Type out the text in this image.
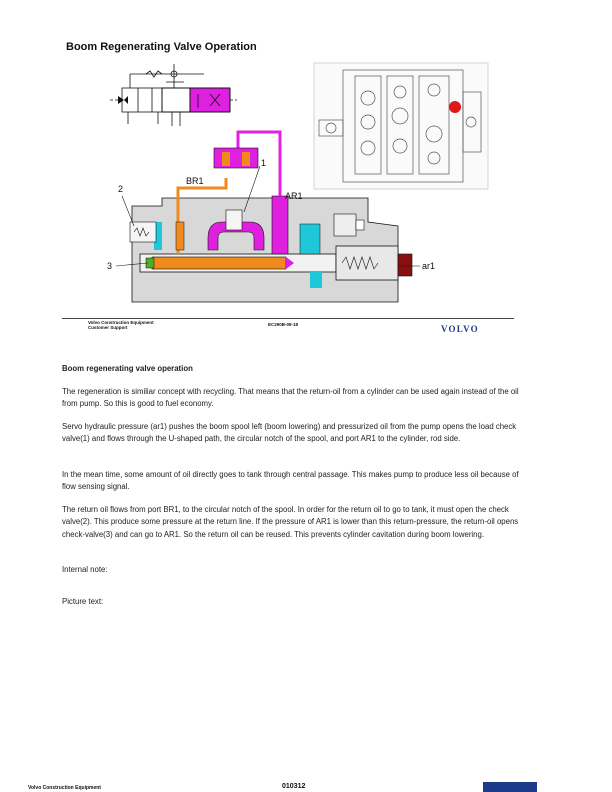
Boom Regenerating Valve Operation
1
2
3
BR1
AR1
ar1
Volvo Construction Equipment
Customer Support
EC290B-09-18	VOLVO
Boom regenerating valve operation
The regeneration is similiar concept with recycling. That means that the return-oil from a cylinder can be used again instead of the oil from pump. So this is good to fuel economy.
Servo hydraulic pressure (ar1) pushes the boom spool left (boom lowering) and pressurized oil from the pump opens the load check valve(1) and flows through the U-shaped path, the circular notch of the spool, and port AR1 to the cylinder, rod side.
In the mean time, some amount of oil directly goes to tank through central passage. This makes pump to produce less oil because of flow sensing signal.
The return oil flows from port BR1, to the circular notch of the spool. In order for the return oil to go to tank, it must open the check valve(2). This produce some pressure at the return line. If the pressure of AR1 is lower than this return-pressure, the return-oil opens check-valve(3) and can go to AR1. So the return oil can be reused. This prevents cylinder cavitation during boom lowering.
Internal note:
Picture text:
Volvo Construction Equipment	010312
